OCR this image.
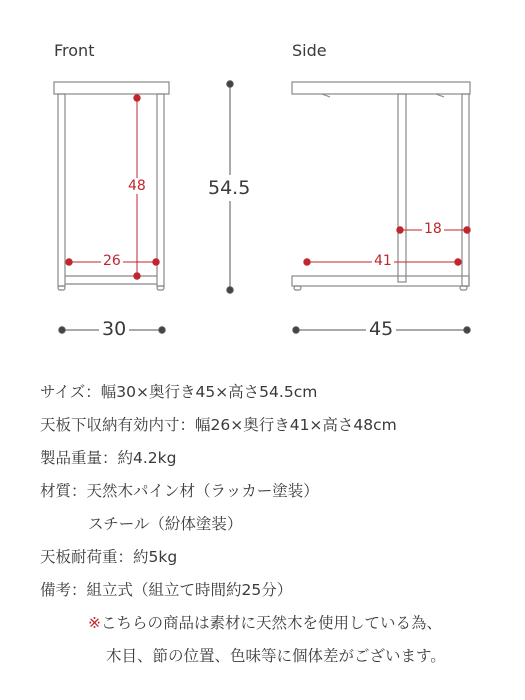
Front	Side
48
26
54.5
30
18
41
45
サイズ：幅30×奥行き45×高さ54.5cm
天板下収納有効内寸：幅26×奥行き41×高さ48cm
製品重量：約4.2kg
材質：天然木パイン材（ラッカー塗装）
スチール（紛体塗装）
天板耐荷重：約5kg
備考：組立式（組立て時間約25分）
※こちらの商品は素材に天然木を使用している為、
木目、節の位置、色味等に個体差がございます。
